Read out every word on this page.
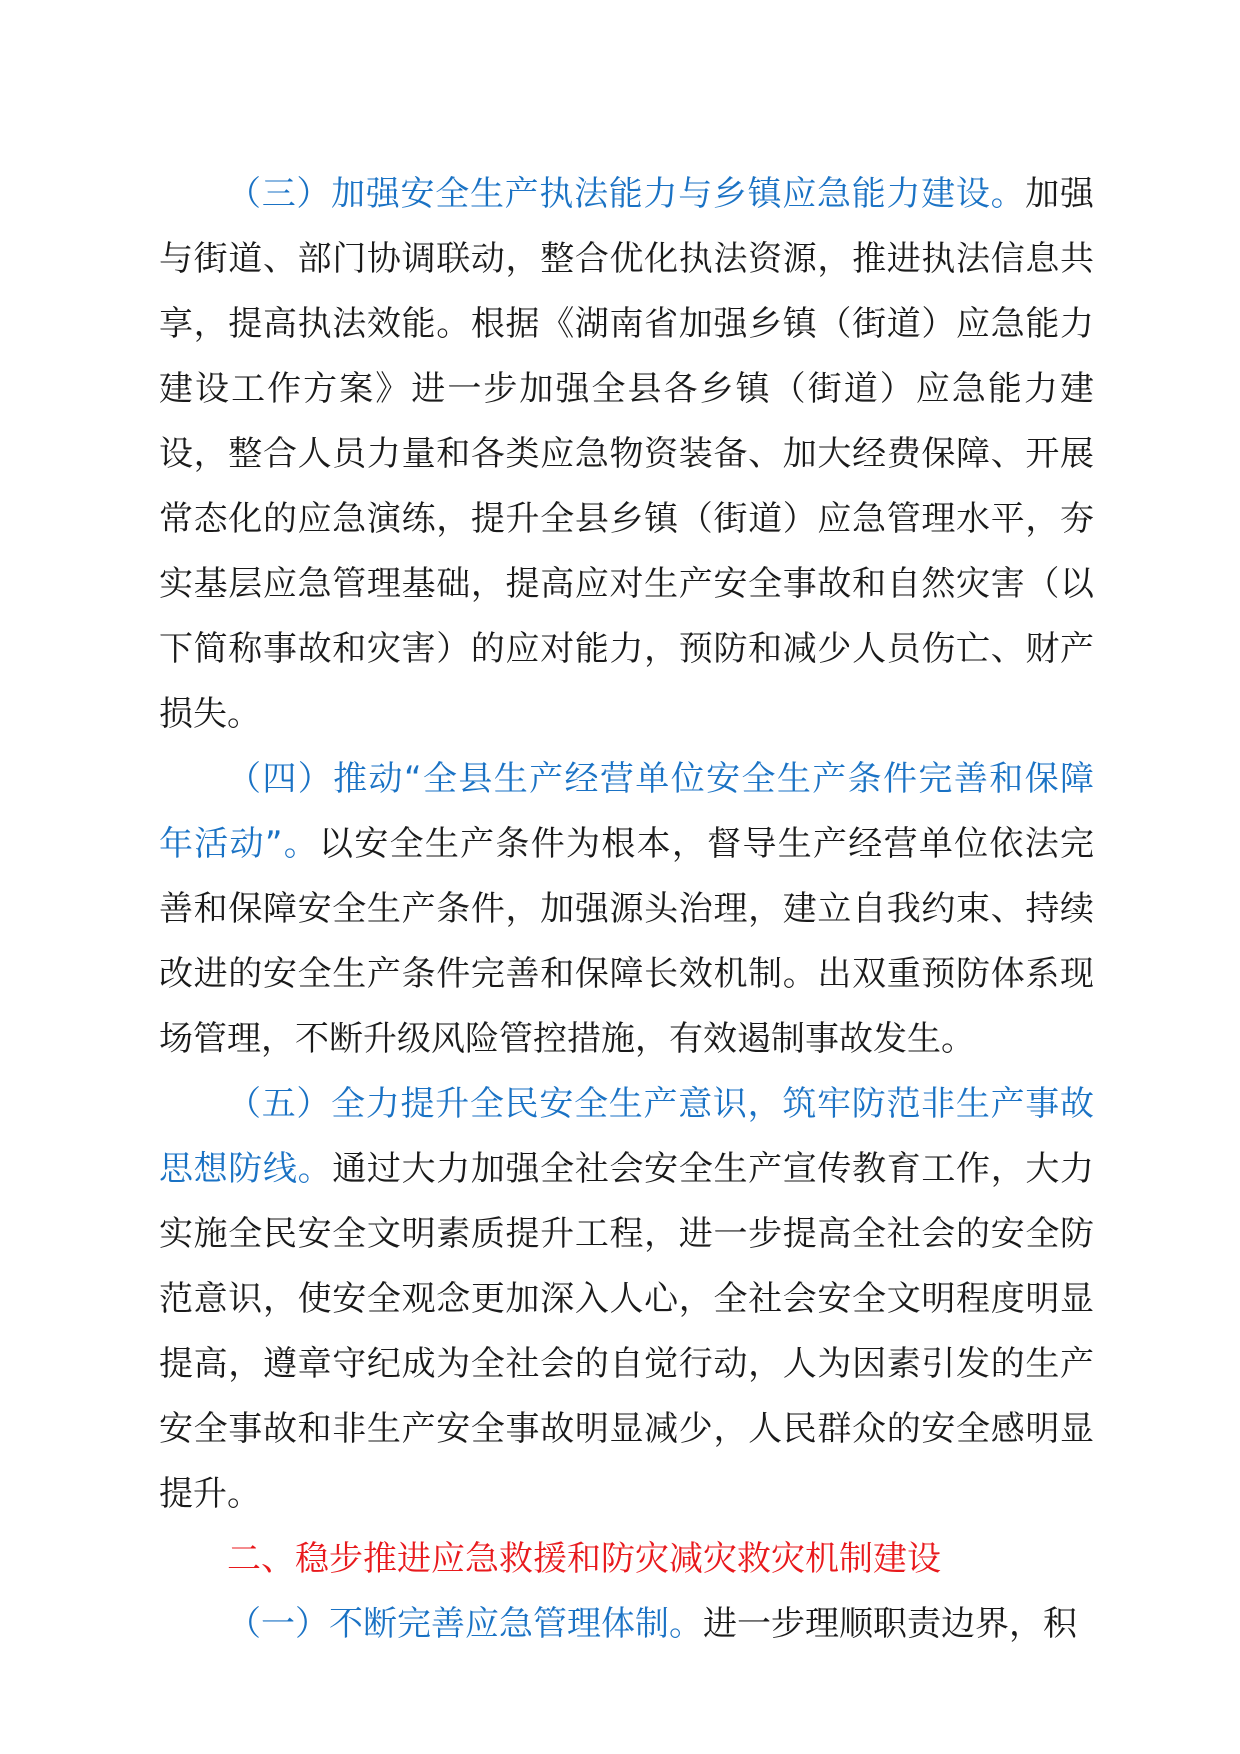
（三）加强安全生产执法能力与乡镇应急能力建设。加强与街道、部门协调联动，整合优化执法资源，推进执法信息共享，提高执法效能。根据《湖南省加强乡镇（街道）应急能力建设工作方案》进一步加强全县各乡镇（街道）应急能力建设，整合人员力量和各类应急物资装备、加大经费保障、开展常态化的应急演练，提升全县乡镇（街道）应急管理水平，夯实基层应急管理基础，提高应对生产安全事故和自然灾害（以下简称事故和灾害）的应对能力，预防和减少人员伤亡、财产损失。

（四）推动“全县生产经营单位安全生产条件完善和保障年活动”。以安全生产条件为根本，督导生产经营单位依法完善和保障安全生产条件，加强源头治理，建立自我约束、持续改进的安全生产条件完善和保障长效机制。出双重预防体系现场管理，不断升级风险管控措施，有效遏制事故发生。

（五）全力提升全民安全生产意识，筑牢防范非生产事故思想防线。通过大力加强全社会安全生产宣传教育工作，大力实施全民安全文明素质提升工程，进一步提高全社会的安全防范意识，使安全观念更加深入人心，全社会安全文明程度明显提高，遵章守纪成为全社会的自觉行动，人为因素引发的生产安全事故和非生产安全事故明显减少，人民群众的安全感明显提升。

二、稳步推进应急救援和防灾减灾救灾机制建设

（一）不断完善应急管理体制。进一步理顺职责边界，积
